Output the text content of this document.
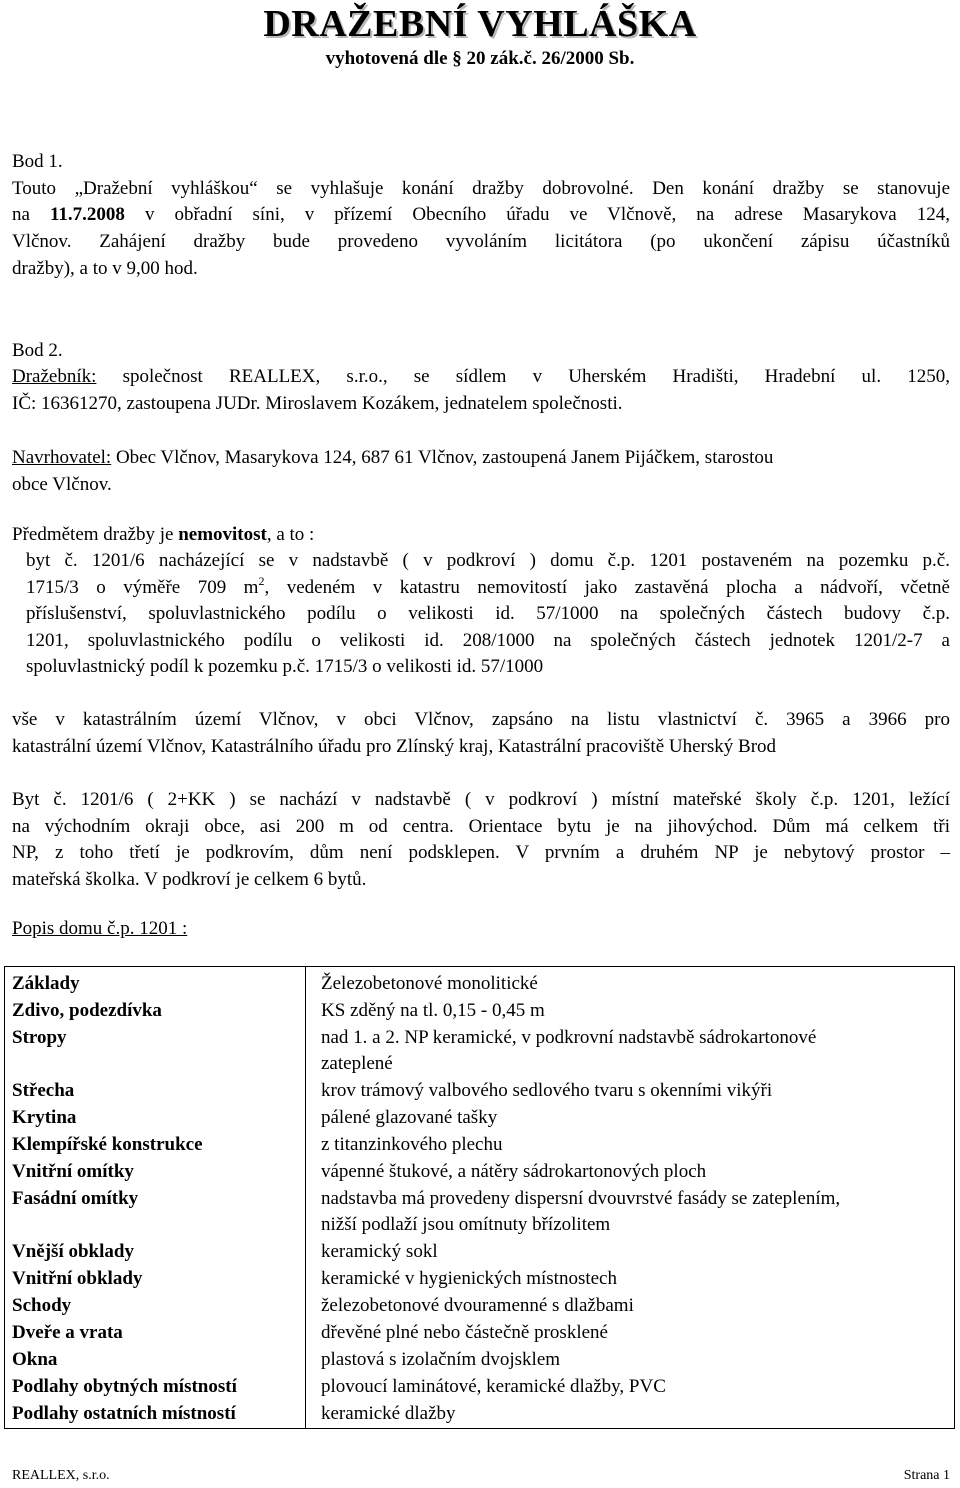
DRAŽEBNÍ VYHLÁŠKA
vyhotovená dle § 20 zák.č. 26/2000 Sb.
Bod 1.
Touto „Dražební vyhláškou“ se vyhlašuje konání dražby dobrovolné. Den konání dražby se stanovuje
na 11.7.2008 v obřadní síni, v přízemí Obecního úřadu ve Vlčnově, na adrese Masarykova 124,
Vlčnov. Zahájení dražby bude provedeno vyvoláním licitátora (po ukončení zápisu účastníků
dražby), a to v 9,00 hod.
Bod 2.
Dražebník: společnost REALLEX, s.r.o., se sídlem v Uherském Hradišti, Hradební ul. 1250,
IČ: 16361270, zastoupena JUDr. Miroslavem Kozákem, jednatelem společnosti.
Navrhovatel: Obec Vlčnov, Masarykova 124, 687 61 Vlčnov, zastoupená Janem Pijáčkem, starostou
obce Vlčnov.
Předmětem dražby je nemovitost, a to :
byt č. 1201/6 nacházející se v nadstavbě ( v podkroví ) domu č.p. 1201 postaveném na pozemku p.č.
1715/3 o výměře 709 $m^2$, vedeném v katastru nemovitostí jako zastavěná plocha a nádvoří, včetně
příslušenství, spoluvlastnického podílu o velikosti id. 57/1000 na společných částech budovy č.p.
1201, spoluvlastnického podílu o velikosti id. 208/1000 na společných částech jednotek 1201/2-7 a
spoluvlastnický podíl k pozemku p.č. 1715/3 o velikosti id. 57/1000
vše v katastrálním území Vlčnov, v obci Vlčnov, zapsáno na listu vlastnictví č. 3965 a 3966 pro
katastrální území Vlčnov, Katastrálního úřadu pro Zlínský kraj, Katastrální pracoviště Uherský Brod
Byt č. 1201/6 ( 2+KK ) se nachází v nadstavbě ( v podkroví ) místní mateřské školy č.p. 1201, ležící
na východním okraji obce, asi 200 m od centra. Orientace bytu je na jihovýchod. Dům má celkem tři
NP, z toho třetí je podkrovím, dům není podsklepen. V prvním a druhém NP je nebytový prostor –
mateřská školka. V podkroví je celkem 6 bytů.
Popis domu č.p. 1201 :
Základy	Železobetonové monolitické
Zdivo, podezdívka	KS zděný na tl. 0,15 - 0,45 m
Stropy	nad 1. a 2. NP keramické, v podkrovní nadstavbě sádrokartonové
zateplené
Střecha	krov trámový valbového sedlového tvaru s okenními vikýři
Krytina	pálené glazované tašky
Klempířské konstrukce	z titanzinkového plechu
Vnitřní omítky	vápenné štukové, a nátěry sádrokartonových ploch
Fasádní omítky	nadstavba má provedeny dispersní dvouvrstvé fasády se zateplením,
nižší podlaží jsou omítnuty břízolitem
Vnější obklady	keramický sokl
Vnitřní obklady	keramické v hygienických místnostech
Schody	železobetonové dvouramenné s dlažbami
Dveře a vrata	dřevěné plné nebo částečně prosklené
Okna	plastová s izolačním dvojsklem
Podlahy obytných místností	plovoucí laminátové, keramické dlažby, PVC
Podlahy ostatních místností	keramické dlažby
REALLEX, s.r.o.	Strana 1
